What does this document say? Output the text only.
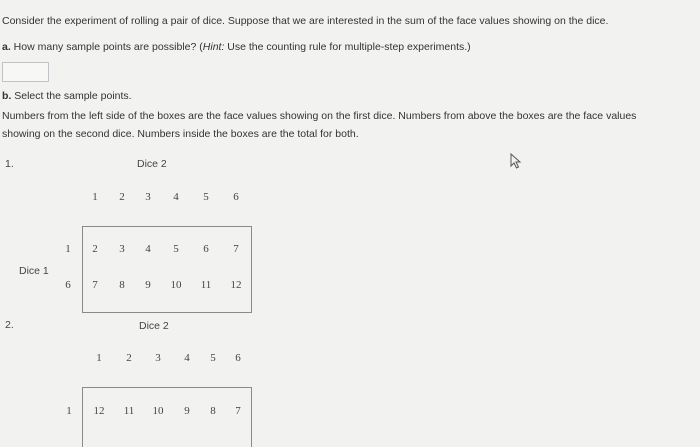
Consider the experiment of rolling a pair of dice. Suppose that we are interested in the sum of the face values showing on the dice.
a. How many sample points are possible? (Hint: Use the counting rule for multiple-step experiments.)
b. Select the sample points.
Numbers from the left side of the boxes are the face values showing on the first dice. Numbers from above the boxes are the face values
showing on the second dice. Numbers inside the boxes are the total for both.
1.	Dice 2
1 2 3 4 5 6
Dice 1
1
6
2 3 4 5 6 7
7 8 9 10 11 12
2.	Dice 2
1 2 3 4 5 6
1 12 11 10 9 8 7
